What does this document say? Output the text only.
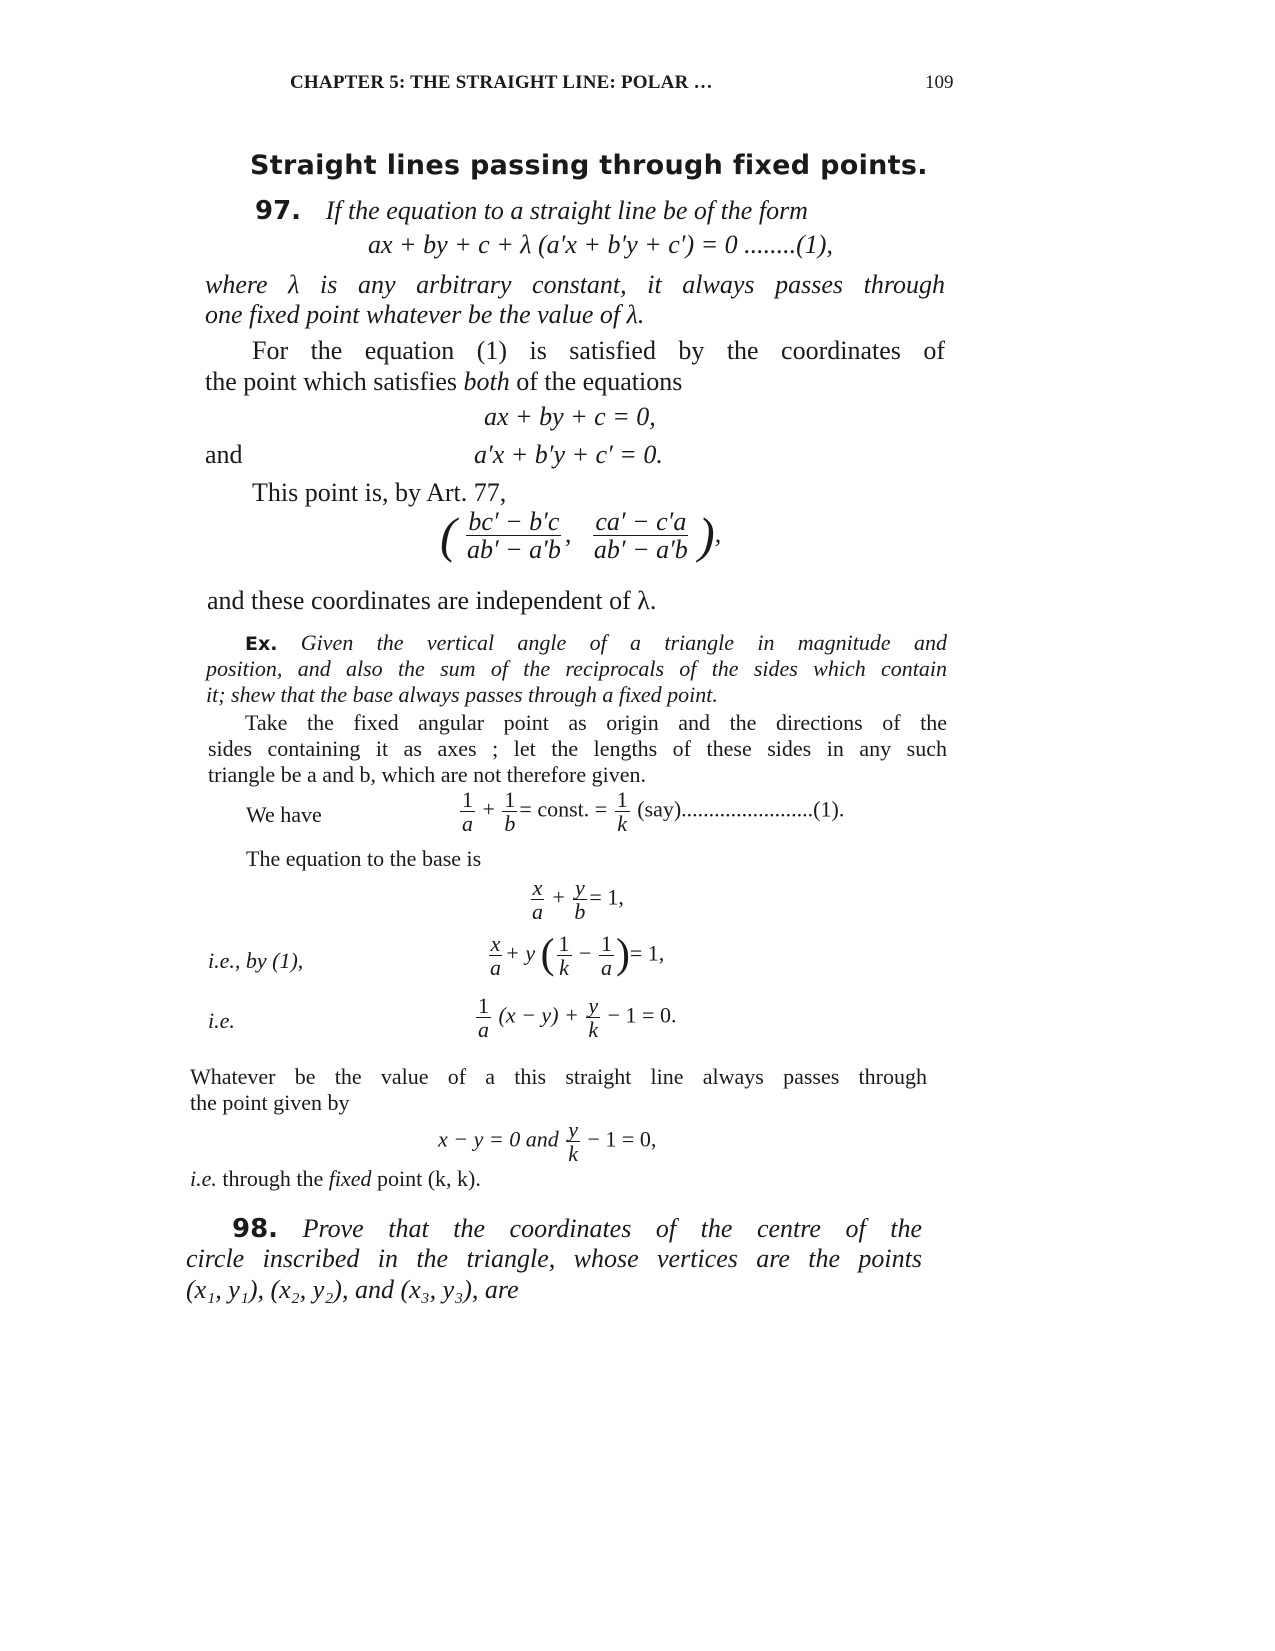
CHAPTER 5: THE STRAIGHT LINE: POLAR …	109
Straight lines passing through fixed points.
97. If the equation to a straight line be of the form
ax + by + c + λ (a′x + b′y + c′) = 0 ........(1),
where λ is any arbitrary constant, it always passes through
one fixed point whatever be the value of λ.
For the equation (1) is satisfied by the coordinates of
the point which satisfies both of the equations
ax + by + c = 0,
and	a′x + b′y + c′ = 0.
This point is, by Art. 77,
( $\frac{bc' - b'c}{ab' - a'b}$ , $\frac{ca' - c'a}{ab' - a'b}$ ),
and these coordinates are independent of λ.
Ex. Given the vertical angle of a triangle in magnitude and
position, and also the sum of the reciprocals of the sides which contain
it; shew that the base always passes through a fixed point.
Take the fixed angular point as origin and the directions of the
sides containing it as axes ; let the lengths of these sides in any such
triangle be a and b, which are not therefore given.
We have	$\frac{1}{a} + \frac{1}{b}$ = const. = $\frac{1}{k} (say)........................(1)$.
The equation to the base is
$\frac{x}{a} + \frac{y}{b} = 1$,
i.e., by (1),	$\frac{x}{a} + y$ ( $\frac{1}{k} - \frac{1}{a}$ )= 1,
i.e.	$\frac{1}{a} (x - y) + \frac{y}{k} - 1 = 0$.
Whatever be the value of a this straight line always passes through
the point given by
x − y = 0 and $\frac{y}{k} - 1 = 0$,
i.e. through the fixed point (k, k).
98. Prove that the coordinates of the centre of the
circle inscribed in the triangle, whose vertices are the points
(x₁, y₁), (x₂, y₂), and (x₃, y₃), are
